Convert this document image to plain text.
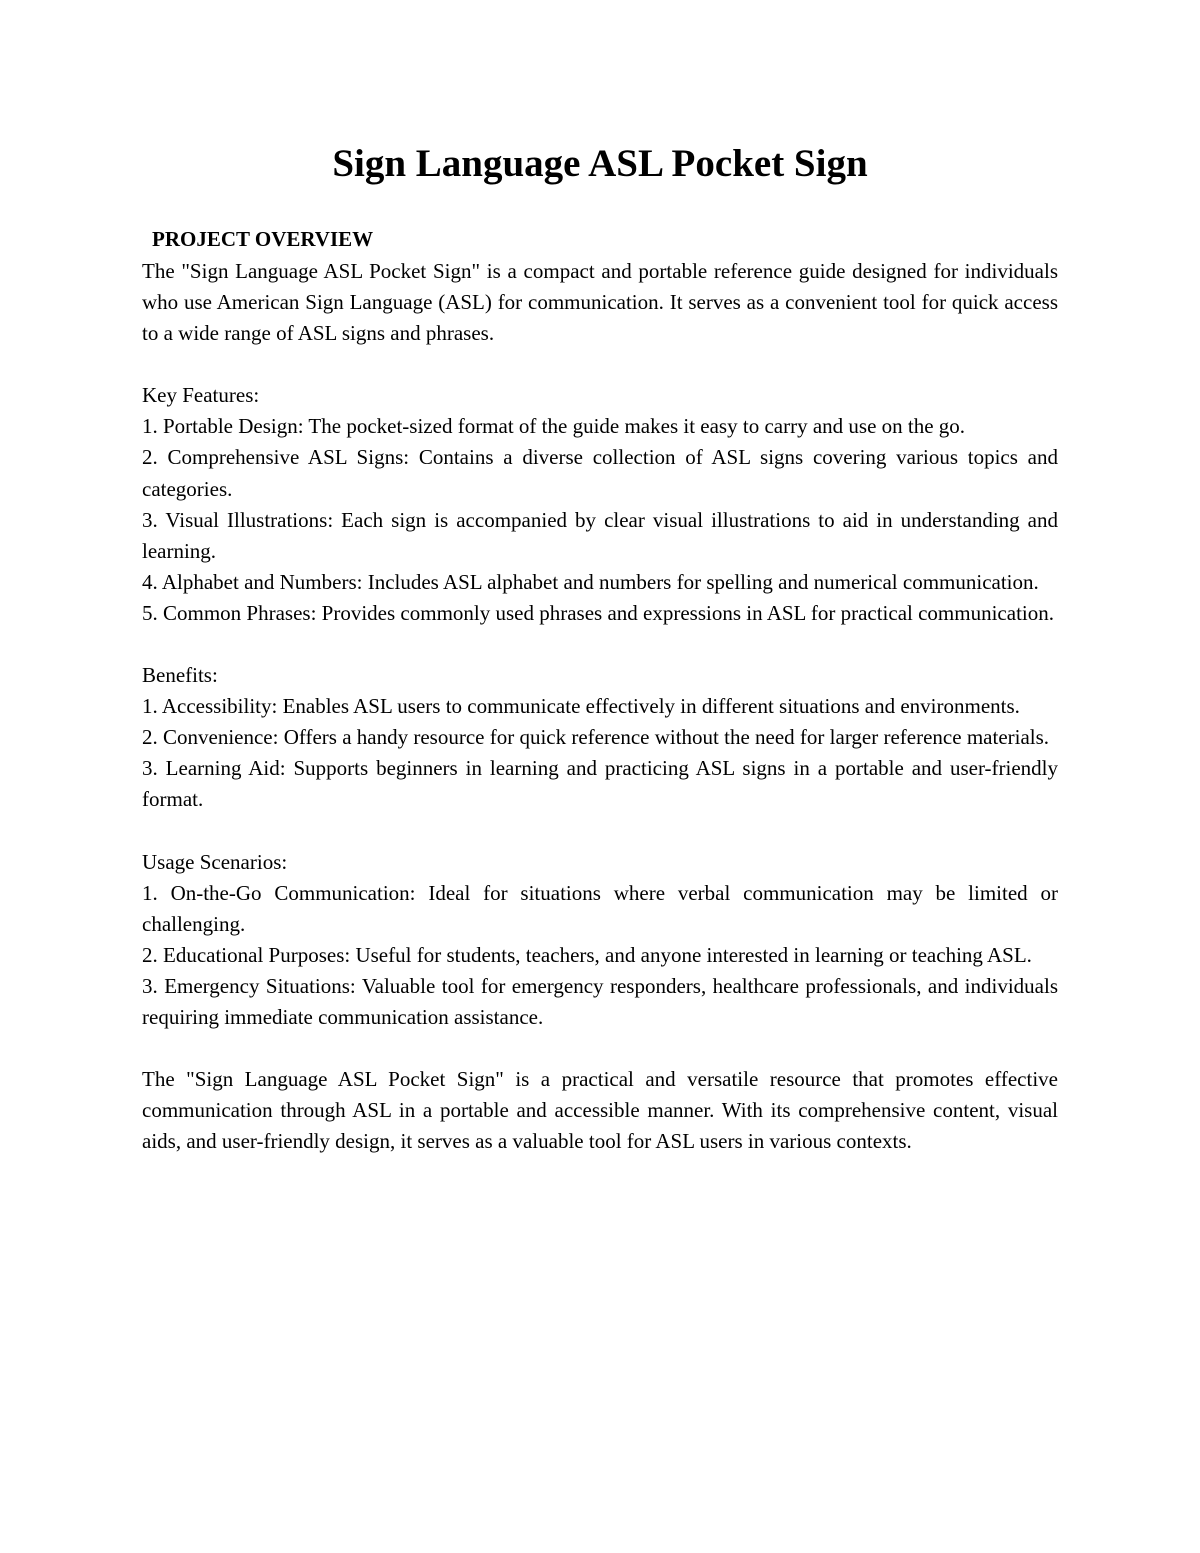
Sign Language ASL Pocket Sign
PROJECT OVERVIEW

The "Sign Language ASL Pocket Sign" is a compact and portable reference guide designed for individuals who use American Sign Language (ASL) for communication. It serves as a convenient tool for quick access to a wide range of ASL signs and phrases.

Key Features:

1. Portable Design: The pocket-sized format of the guide makes it easy to carry and use on the go.

2. Comprehensive ASL Signs: Contains a diverse collection of ASL signs covering various topics and categories.

3. Visual Illustrations: Each sign is accompanied by clear visual illustrations to aid in understanding and learning.

4. Alphabet and Numbers: Includes ASL alphabet and numbers for spelling and numerical communication.

5. Common Phrases: Provides commonly used phrases and expressions in ASL for practical communication.

Benefits:

1. Accessibility: Enables ASL users to communicate effectively in different situations and environments.

2. Convenience: Offers a handy resource for quick reference without the need for larger reference materials.

3. Learning Aid: Supports beginners in learning and practicing ASL signs in a portable and user-friendly format.

Usage Scenarios:

1. On-the-Go Communication: Ideal for situations where verbal communication may be limited or challenging.

2. Educational Purposes: Useful for students, teachers, and anyone interested in learning or teaching ASL.

3. Emergency Situations: Valuable tool for emergency responders, healthcare professionals, and individuals requiring immediate communication assistance.

The "Sign Language ASL Pocket Sign" is a practical and versatile resource that promotes effective communication through ASL in a portable and accessible manner. With its comprehensive content, visual aids, and user-friendly design, it serves as a valuable tool for ASL users in various contexts.
